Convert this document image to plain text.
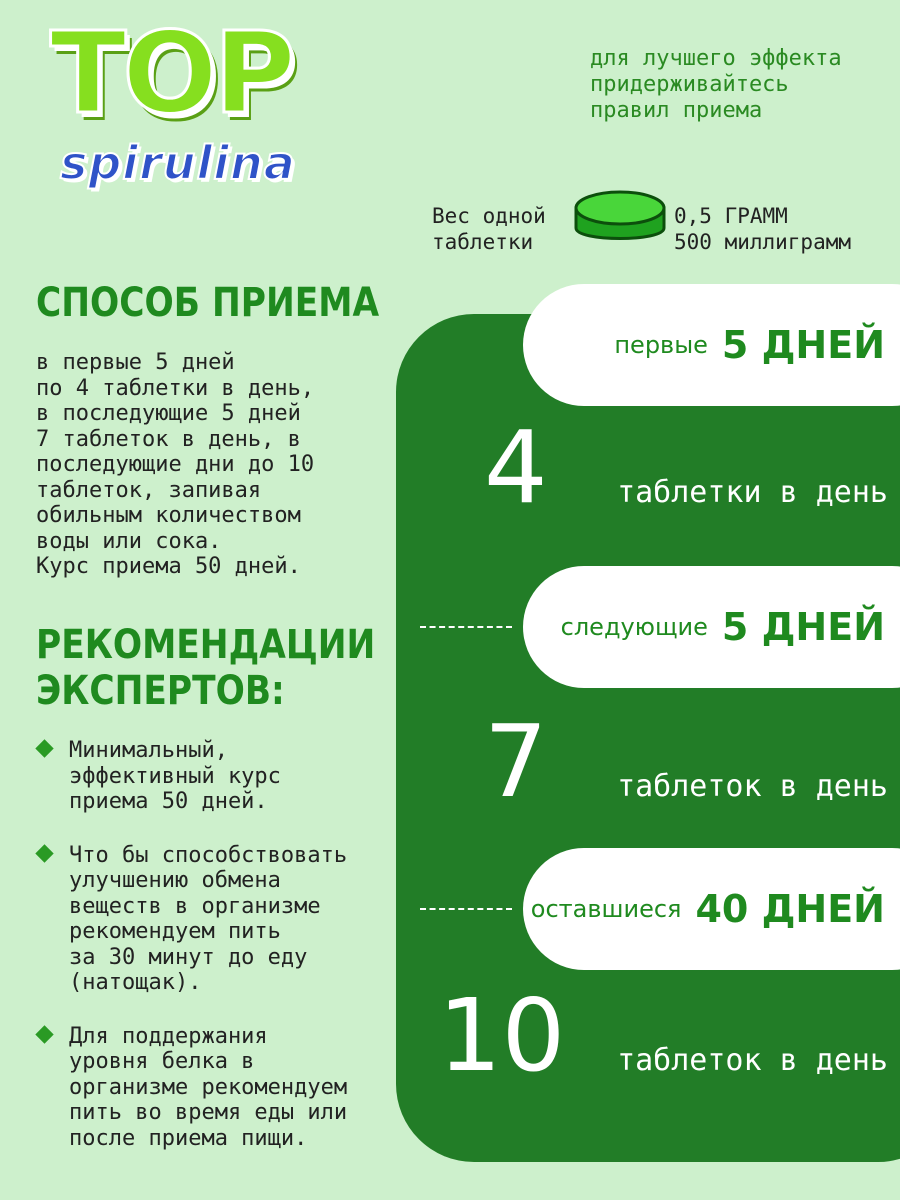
TOP
spirulina
для лучшего эффекта
придерживайтесь
правил приема
Вес одной
таблетки
0,5 ГРАММ
500 миллиграмм
СПОСОБ ПРИЕМА
в первые 5 дней
по 4 таблетки в день,
в последующие 5 дней
7 таблеток в день, в
последующие дни до 10
таблеток, запивая
обильным количеством
воды или сока.
Курс приема 50 дней.
РЕКОМЕНДАЦИИ
ЭКСПЕРТОВ:
Минимальный,
эффективный курс
приема 50 дней.
Что бы способствовать
улучшению обмена
веществ в организме
рекомендуем пить
за 30 минут до еду
(натощак).
Для поддержания
уровня белка в
организме рекомендуем
пить во время еды или
после приема пищи.
первые 5 ДНЕЙ
4 таблетки в день
следующие 5 ДНЕЙ
7 таблеток в день
оставшиеся 40 ДНЕЙ
10 таблеток в день
